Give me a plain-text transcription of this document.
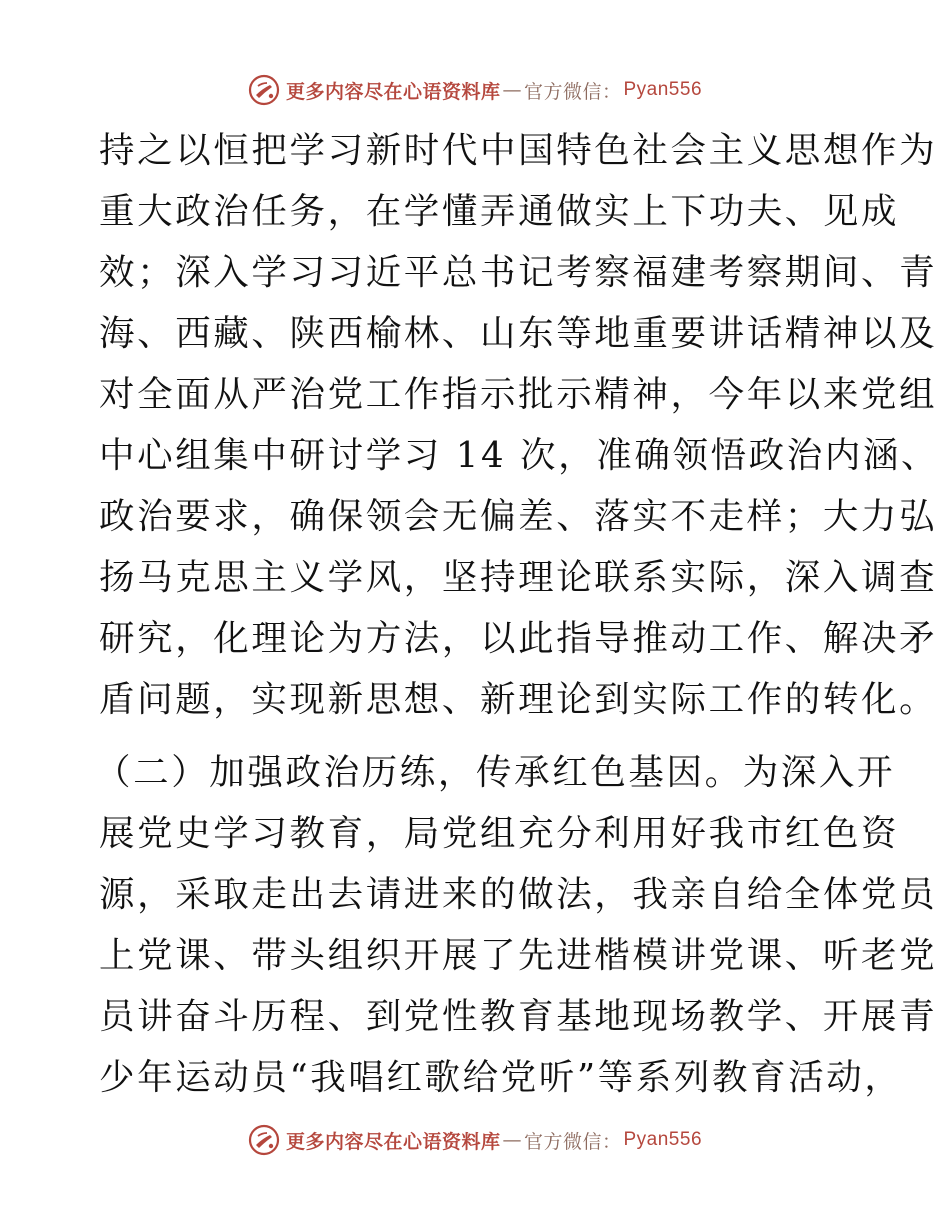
更多内容尽在心语资料库 — 官方微信： Pyan556
持之以恒把学习新时代中国特色社会主义思想作为
重大政治任务，在学懂弄通做实上下功夫、见成
效；深入学习习近平总书记考察福建考察期间、青
海、西藏、陕西榆林、山东等地重要讲话精神以及
对全面从严治党工作指示批示精神，今年以来党组
中心组集中研讨学习 14 次，准确领悟政治内涵、
政治要求，确保领会无偏差、落实不走样；大力弘
扬马克思主义学风，坚持理论联系实际，深入调查
研究，化理论为方法，以此指导推动工作、解决矛
盾问题，实现新思想、新理论到实际工作的转化。
（二）加强政治历练，传承红色基因。为深入开
展党史学习教育，局党组充分利用好我市红色资
源，采取走出去请进来的做法，我亲自给全体党员
上党课、带头组织开展了先进楷模讲党课、听老党
员讲奋斗历程、到党性教育基地现场教学、开展青
少年运动员“我唱红歌给党听”等系列教育活动，
更多内容尽在心语资料库 — 官方微信： Pyan556
